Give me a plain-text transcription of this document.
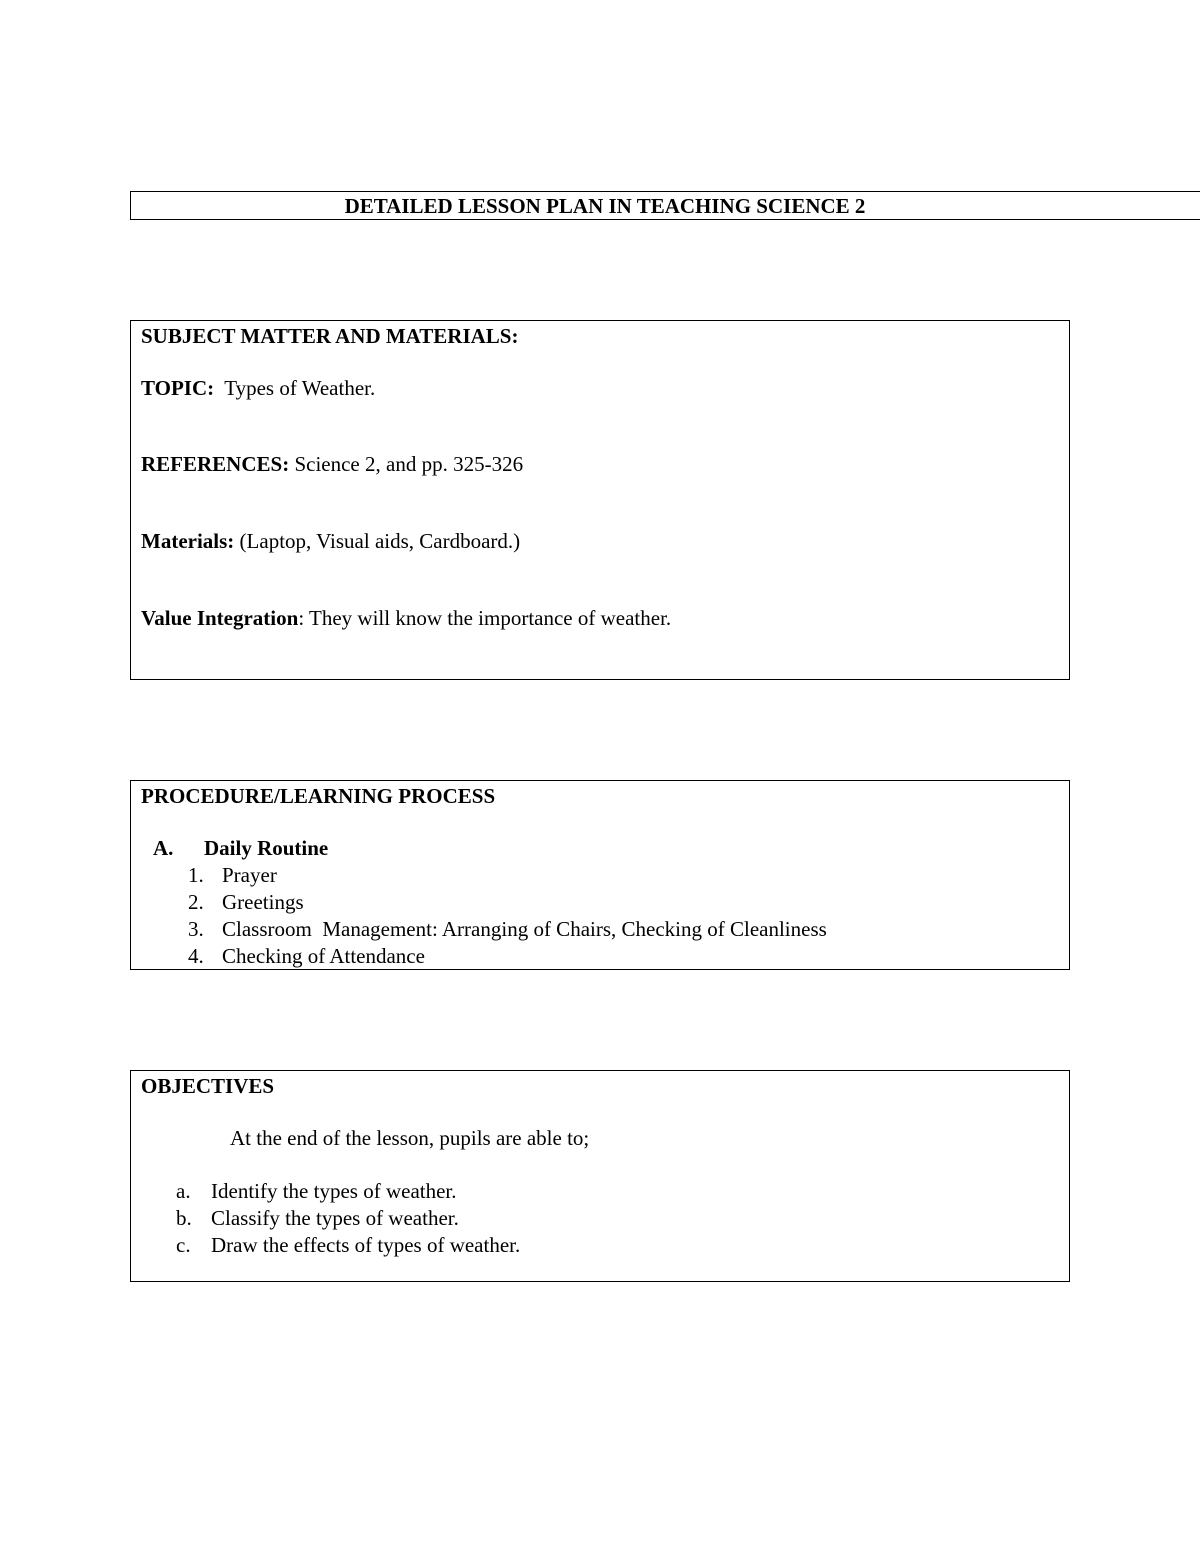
DETAILED LESSON PLAN IN TEACHING SCIENCE 2
SUBJECT MATTER AND MATERIALS:
TOPIC: Types of Weather.
REFERENCES: Science 2, and pp. 325-326
Materials: (Laptop, Visual aids, Cardboard.)
Value Integration: They will know the importance of weather.
PROCEDURE/LEARNING PROCESS
A. Daily Routine
1. Prayer
2. Greetings
3. Classroom  Management: Arranging of Chairs, Checking of Cleanliness
4. Checking of Attendance
OBJECTIVES
At the end of the lesson, pupils are able to;
a. Identify the types of weather.
b. Classify the types of weather.
c. Draw the effects of types of weather.
